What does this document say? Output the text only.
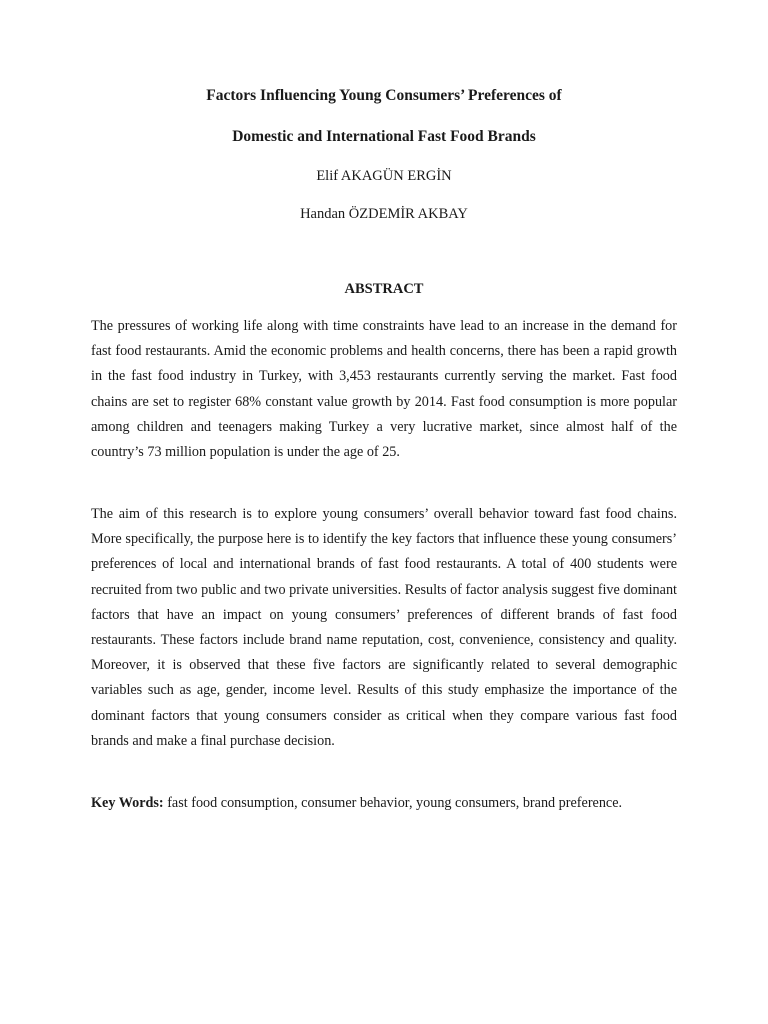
Factors Influencing Young Consumers’ Preferences of
Domestic and International Fast Food Brands
Elif AKAGÜN ERGİN
Handan ÖZDEMİR AKBAY
ABSTRACT

The pressures of working life along with time constraints have lead to an increase in the demand for fast food restaurants. Amid the economic problems and health concerns, there has been a rapid growth in the fast food industry in Turkey, with 3,453 restaurants currently serving the market. Fast food chains are set to register 68% constant value growth by 2014. Fast food consumption is more popular among children and teenagers making Turkey a very lucrative market, since almost half of the country’s 73 million population is under the age of 25.

The aim of this research is to explore young consumers’ overall behavior toward fast food chains. More specifically, the purpose here is to identify the key factors that influence these young consumers’ preferences of local and international brands of fast food restaurants. A total of 400 students were recruited from two public and two private universities. Results of factor analysis suggest five dominant factors that have an impact on young consumers’ preferences of different brands of fast food restaurants. These factors include brand name reputation, cost, convenience, consistency and quality. Moreover, it is observed that these five factors are significantly related to several demographic variables such as age, gender, income level. Results of this study emphasize the importance of the dominant factors that young consumers consider as critical when they compare various fast food brands and make a final purchase decision.

Key Words: fast food consumption, consumer behavior, young consumers, brand preference.
